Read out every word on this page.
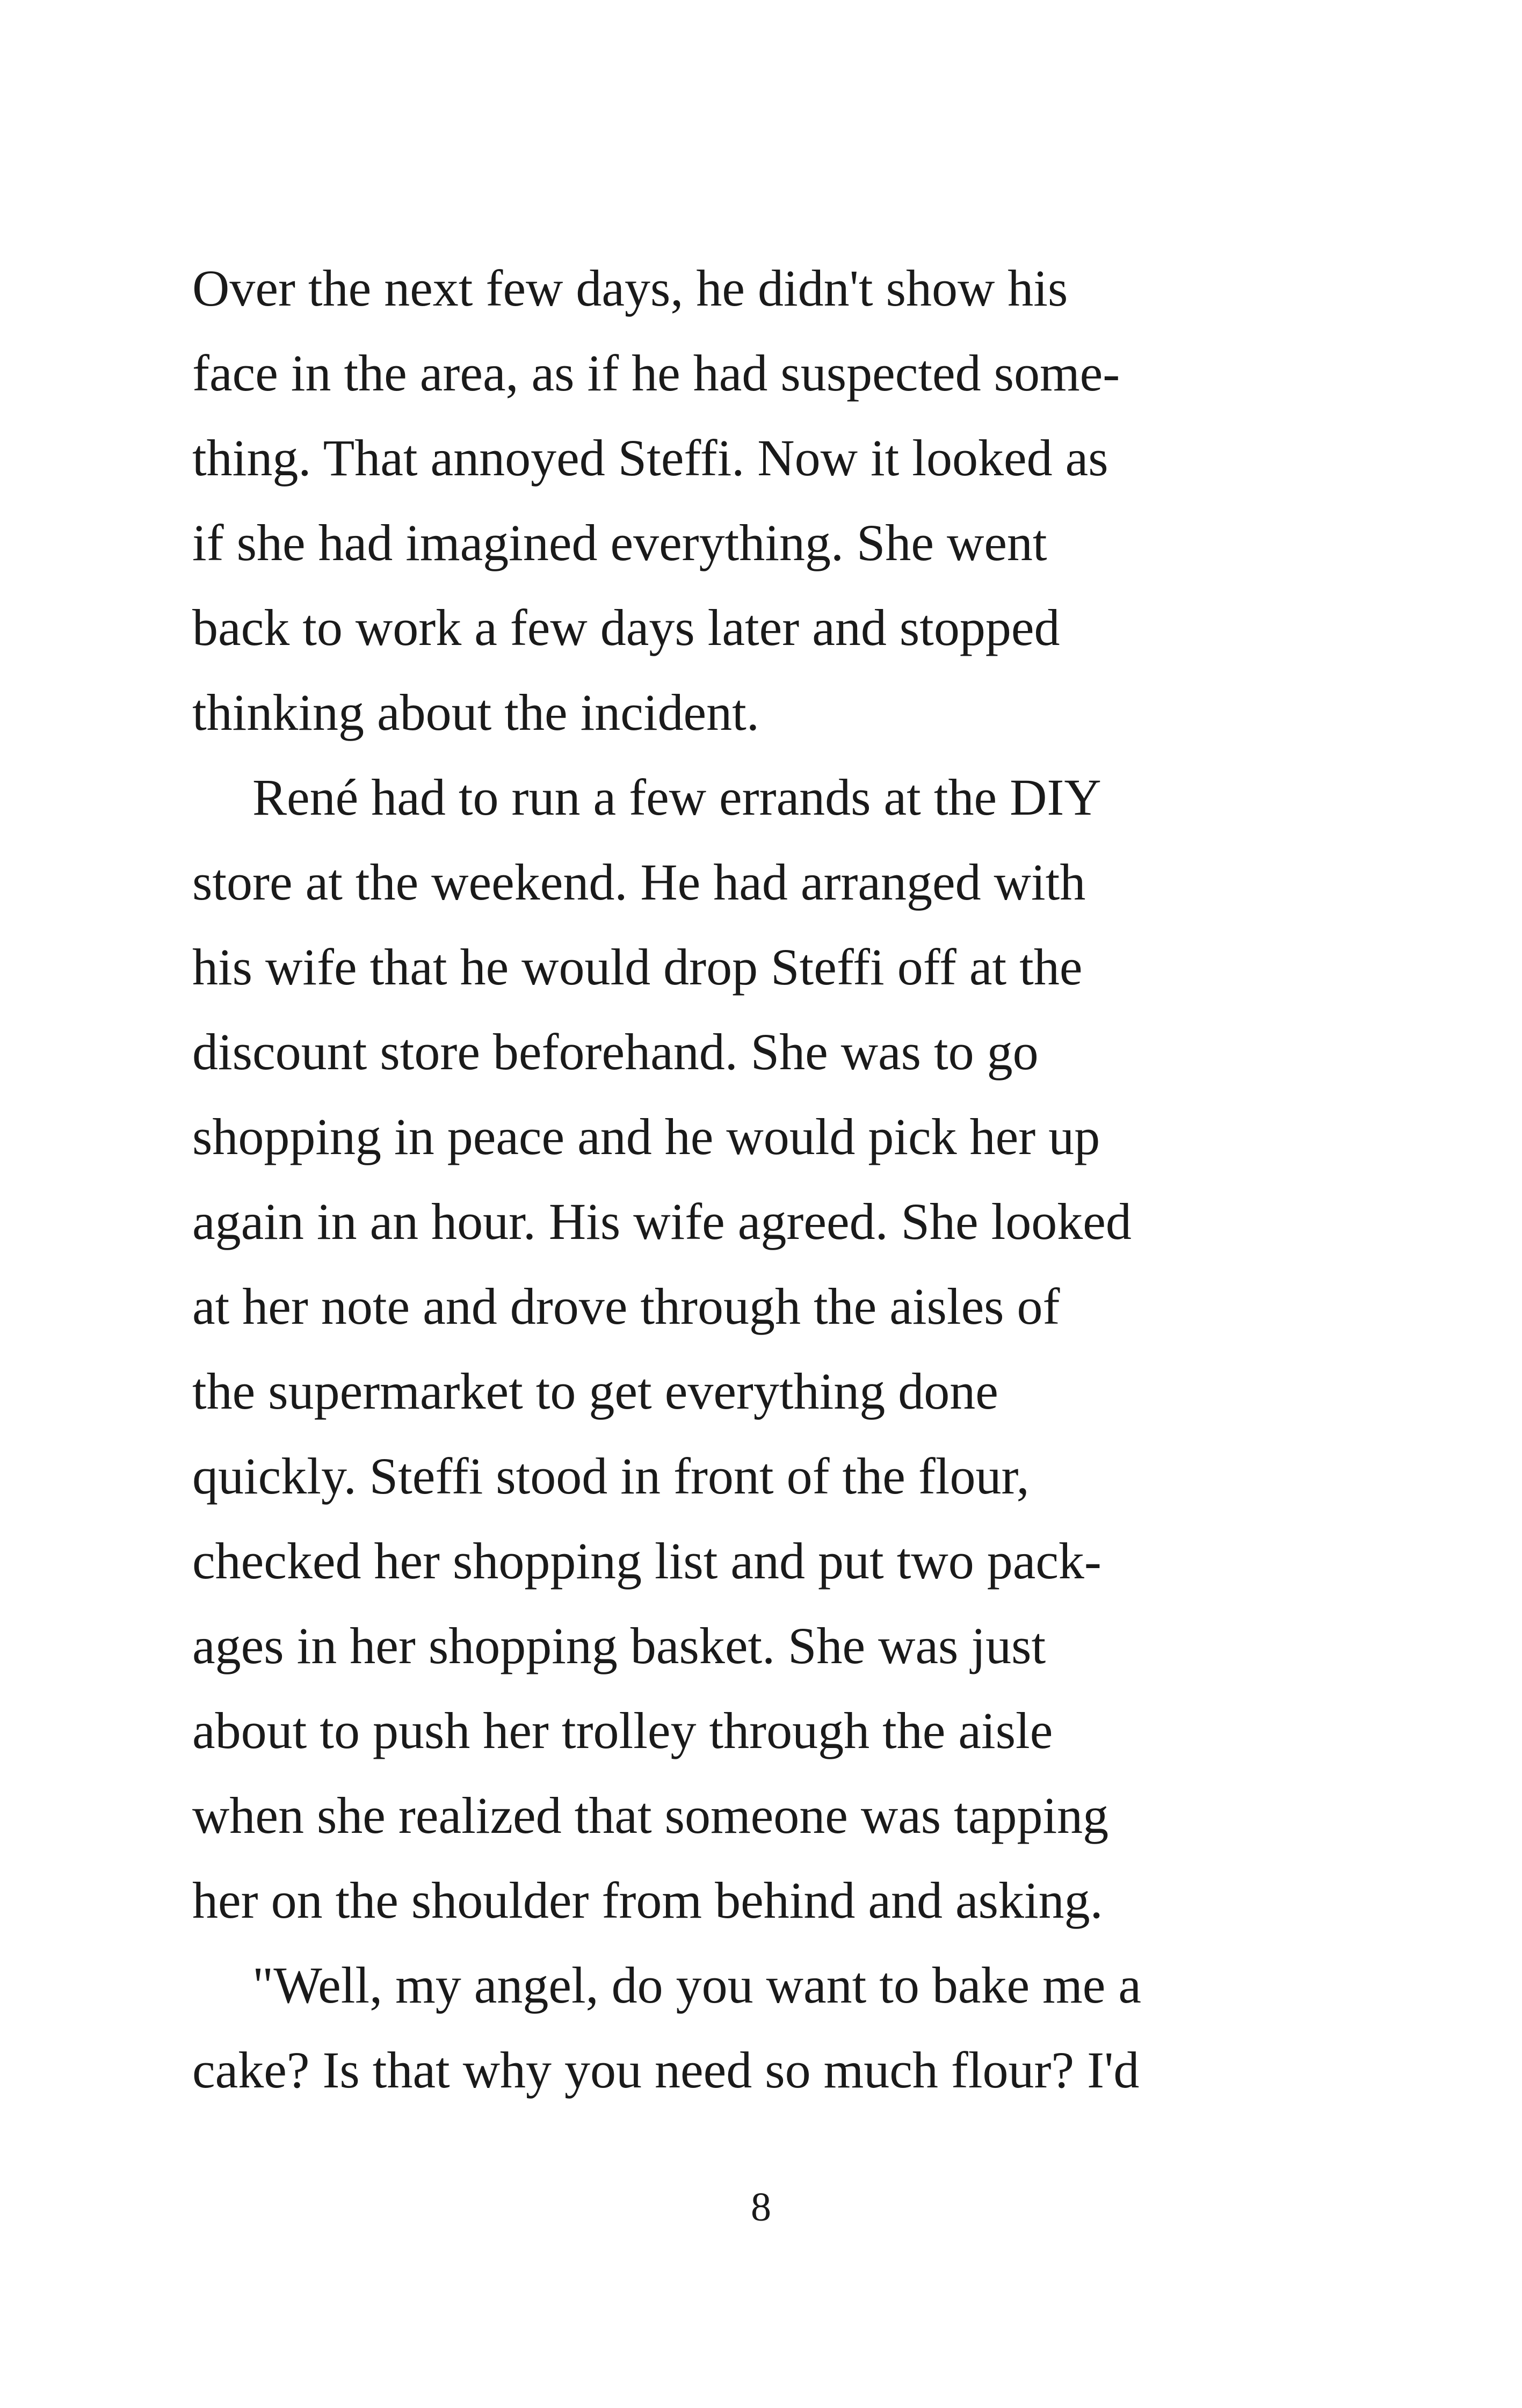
Over the next few days, he didn't show his
face in the area, as if he had suspected some-
thing. That annoyed Steffi. Now it looked as
if she had imagined everything. She went
back to work a few days later and stopped
thinking about the incident.
René had to run a few errands at the DIY
store at the weekend. He had arranged with
his wife that he would drop Steffi off at the
discount store beforehand. She was to go
shopping in peace and he would pick her up
again in an hour. His wife agreed. She looked
at her note and drove through the aisles of
the supermarket to get everything done
quickly. Steffi stood in front of the flour,
checked her shopping list and put two pack-
ages in her shopping basket. She was just
about to push her trolley through the aisle
when she realized that someone was tapping
her on the shoulder from behind and asking.
"Well, my angel, do you want to bake me a
cake? Is that why you need so much flour? I'd
8
